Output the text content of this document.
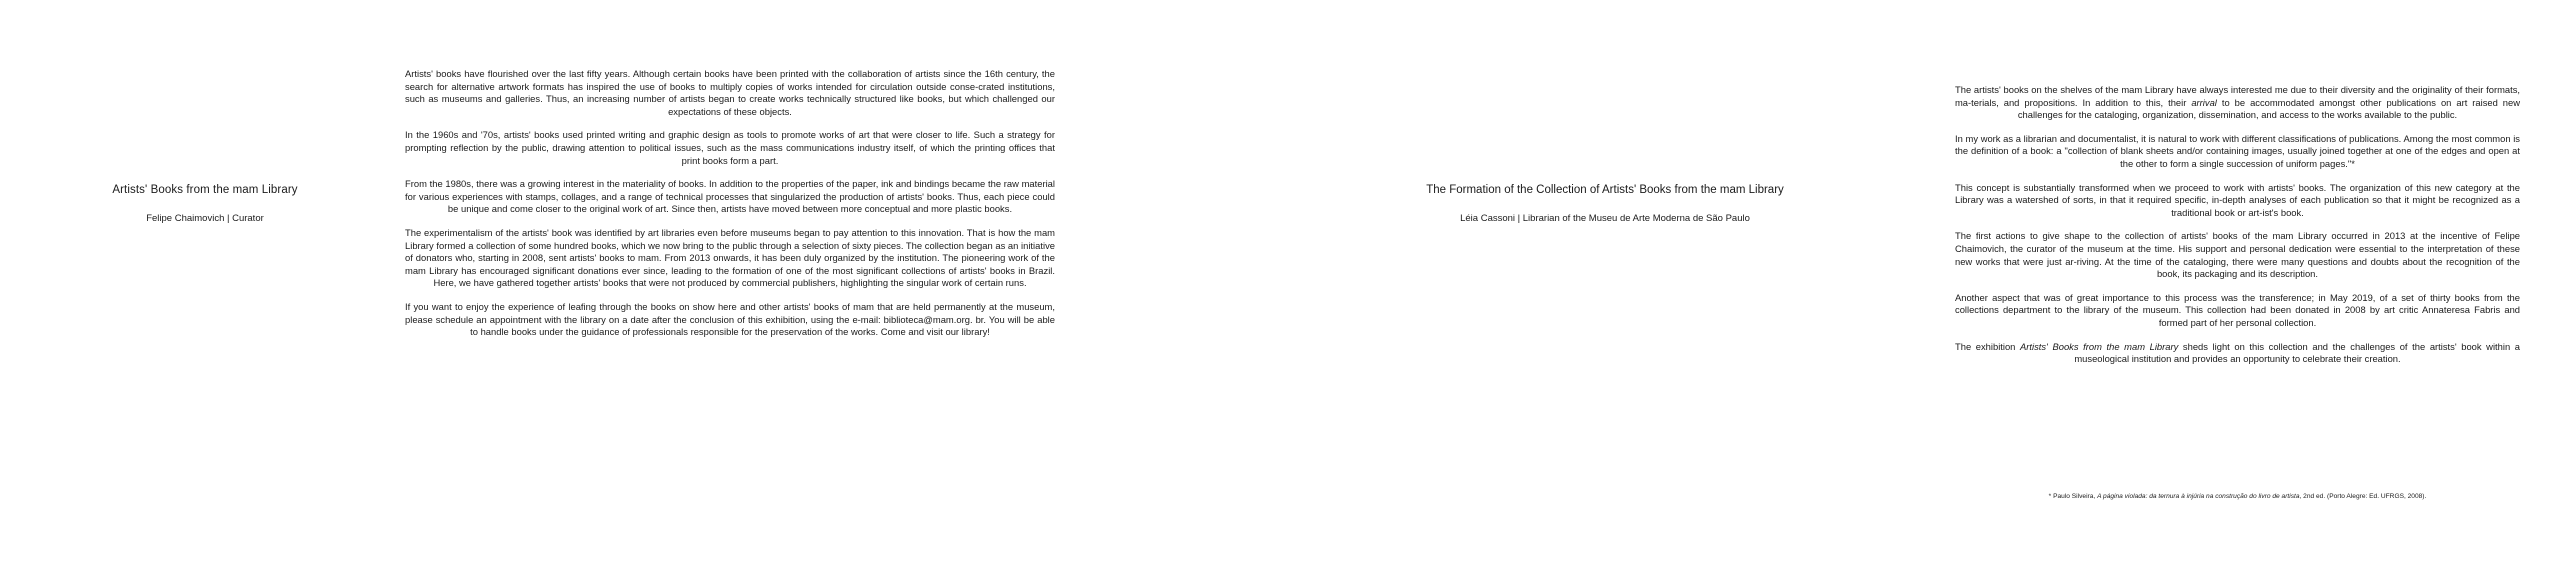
Artists' Books from the mam Library

Felipe Chaimovich | Curator

Artists' books have flourished over the last fifty years. Although certain books have been printed with the collaboration of artists since the 16th century, the search for alternative artwork formats has inspired the use of books to multiply copies of works intended for circulation outside conse-crated institutions, such as museums and galleries. Thus, an increasing number of artists began to create works technically structured like books, but which challenged our expectations of these objects.

In the 1960s and '70s, artists' books used printed writing and graphic design as tools to promote works of art that were closer to life. Such a strategy for prompting reflection by the public, drawing attention to political issues, such as the mass communications industry itself, of which the printing offices that print books form a part.

From the 1980s, there was a growing interest in the materiality of books. In addition to the properties of the paper, ink and bindings became the raw material for various experiences with stamps, collages, and a range of technical processes that singularized the production of artists' books. Thus, each piece could be unique and come closer to the original work of art. Since then, artists have moved between more conceptual and more plastic books.

The experimentalism of the artists' book was identified by art libraries even before museums began to pay attention to this innovation. That is how the mam Library formed a collection of some hundred books, which we now bring to the public through a selection of sixty pieces. The collection began as an initiative of donators who, starting in 2008, sent artists' books to mam. From 2013 onwards, it has been duly organized by the institution. The pioneering work of the mam Library has encouraged significant donations ever since, leading to the formation of one of the most significant collections of artists' books in Brazil. Here, we have gathered together artists' books that were not produced by commercial publishers, highlighting the singular work of certain runs.

If you want to enjoy the experience of leafing through the books on show here and other artists' books of mam that are held permanently at the museum, please schedule an appointment with the library on a date after the conclusion of this exhibition, using the e-mail: biblioteca@mam.org. br. You will be able to handle books under the guidance of professionals responsible for the preservation of the works. Come and visit our library!

The Formation of the Collection of Artists' Books from the mam Library

Léia Cassoni | Librarian of the Museu de Arte Moderna de São Paulo

The artists' books on the shelves of the mam Library have always interested me due to their diversity and the originality of their formats, ma-terials, and propositions. In addition to this, their arrival to be accommodated amongst other publications on art raised new challenges for the cataloging, organization, dissemination, and access to the works available to the public.

In my work as a librarian and documentalist, it is natural to work with different classifications of publications. Among the most common is the definition of a book: a "collection of blank sheets and/or containing images, usually joined together at one of the edges and open at the other to form a single succession of uniform pages."*

This concept is substantially transformed when we proceed to work with artists' books. The organization of this new category at the Library was a watershed of sorts, in that it required specific, in-depth analyses of each publication so that it might be recognized as a traditional book or art-ist's book.

The first actions to give shape to the collection of artists' books of the mam Library occurred in 2013 at the incentive of Felipe Chaimovich, the curator of the museum at the time. His support and personal dedication were essential to the interpretation of these new works that were just ar-riving. At the time of the cataloging, there were many questions and doubts about the recognition of the book, its packaging and its description.

Another aspect that was of great importance to this process was the transference; in May 2019, of a set of thirty books from the collections department to the library of the museum. This collection had been donated in 2008 by art critic Annateresa Fabris and formed part of her personal collection.

The exhibition Artists' Books from the mam Library sheds light on this collection and the challenges of the artists' book within a museological institution and provides an opportunity to celebrate their creation.

* Paulo Silveira, A página violada: da ternura à injúria na construção do livro de artista, 2nd ed. (Porto Alegre: Ed. UFRGS, 2008).
